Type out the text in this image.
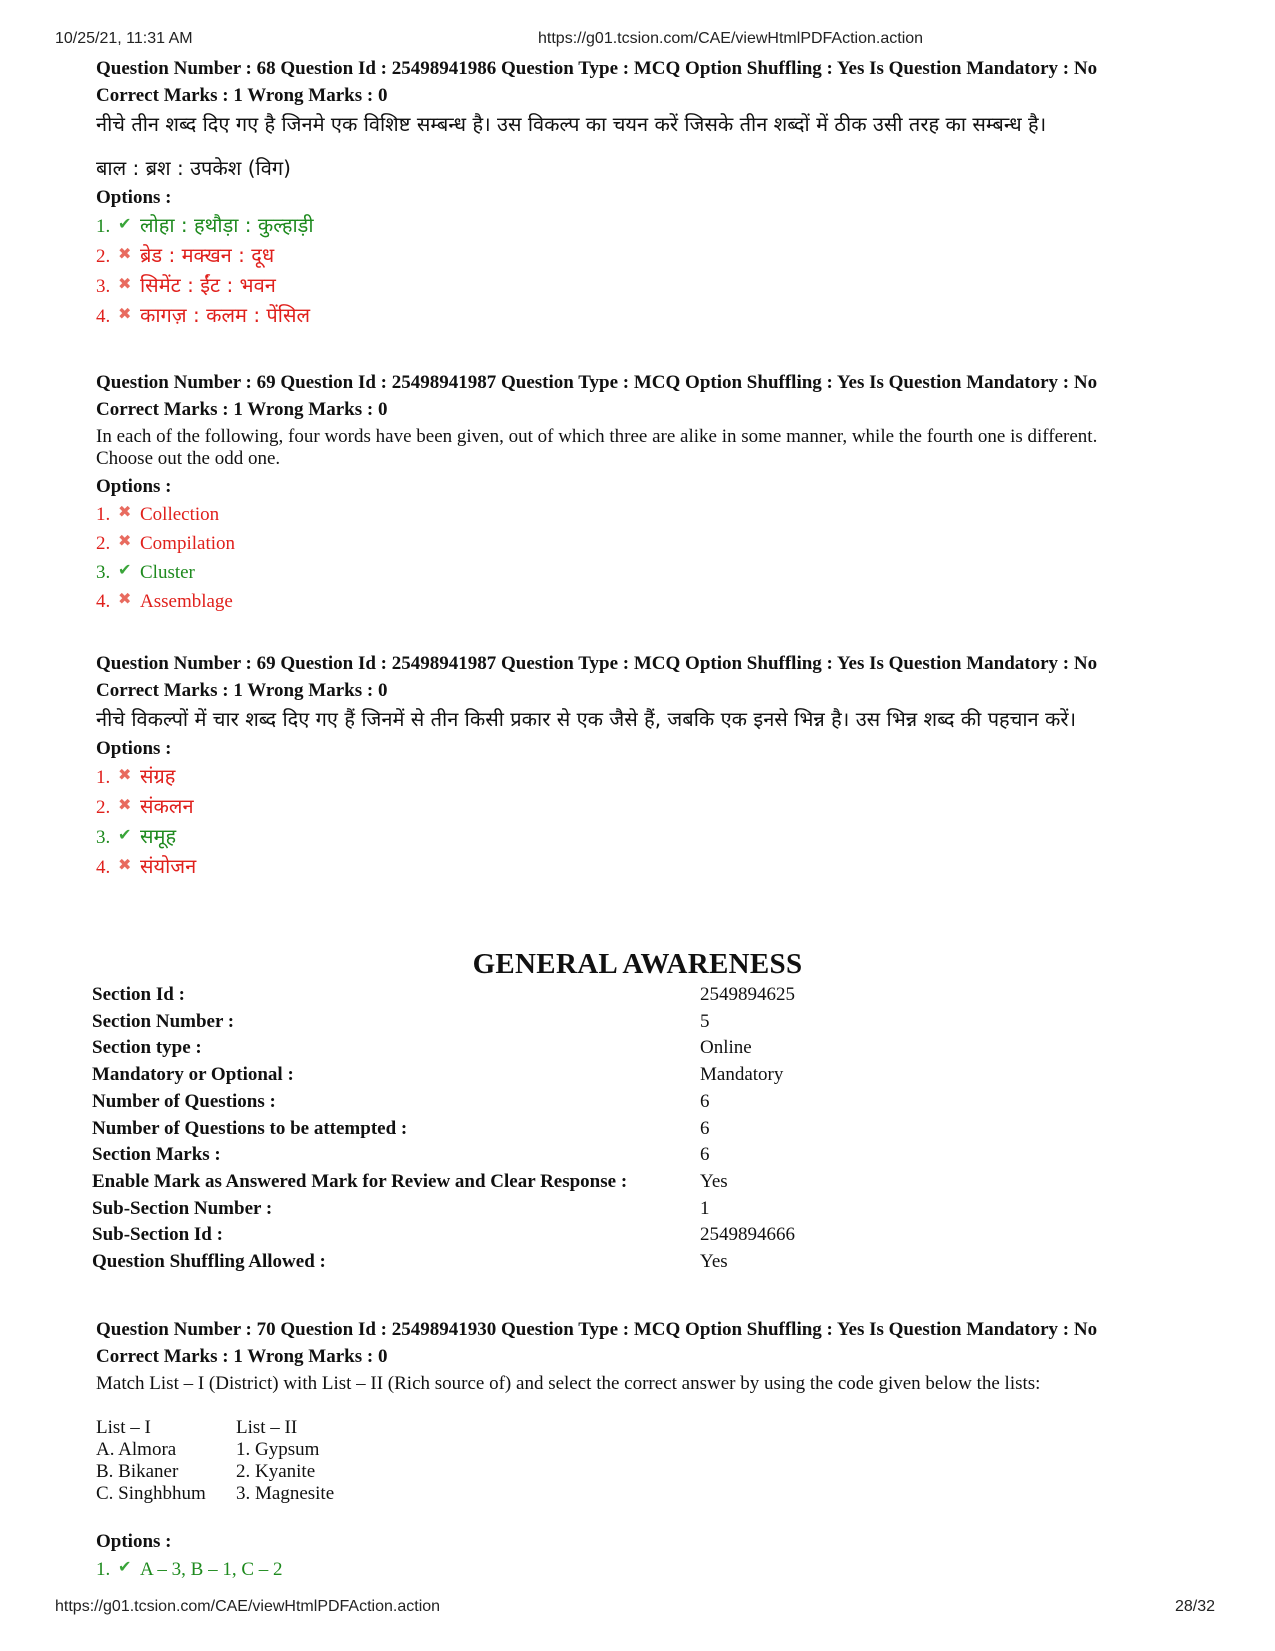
10/25/21, 11:31 AM	https://g01.tcsion.com/CAE/viewHtmlPDFAction.action
Question Number : 68 Question Id : 25498941986 Question Type : MCQ Option Shuffling : Yes Is Question Mandatory : No
Correct Marks : 1 Wrong Marks : 0
नीचे तीन शब्द दिए गए है जिनमे एक विशिष्ट सम्बन्ध है। उस विकल्प का चयन करें जिसके तीन शब्दों में ठीक उसी तरह का सम्बन्ध है।
बाल : ब्रश : उपकेश (विग)
Options :
1. ✔ लोहा : हथौड़ा : कुल्हाड़ी
2. ✖ ब्रेड : मक्खन : दूध
3. ✖ सिमेंट : ईंट : भवन
4. ✖ कागज़ : कलम : पेंसिल
Question Number : 69 Question Id : 25498941987 Question Type : MCQ Option Shuffling : Yes Is Question Mandatory : No
Correct Marks : 1 Wrong Marks : 0
In each of the following, four words have been given, out of which three are alike in some manner, while the fourth one is different.
Choose out the odd one.
Options :
1. ✖ Collection
2. ✖ Compilation
3. ✔ Cluster
4. ✖ Assemblage
Question Number : 69 Question Id : 25498941987 Question Type : MCQ Option Shuffling : Yes Is Question Mandatory : No
Correct Marks : 1 Wrong Marks : 0
नीचे विकल्पों में चार शब्द दिए गए हैं जिनमें से तीन किसी प्रकार से एक जैसे हैं, जबकि एक इनसे भिन्न है। उस भिन्न शब्द की पहचान करें।
Options :
1. ✖ संग्रह
2. ✖ संकलन
3. ✔ समूह
4. ✖ संयोजन
GENERAL AWARENESS
Section Id :	2549894625
Section Number :	5
Section type :	Online
Mandatory or Optional :	Mandatory
Number of Questions :	6
Number of Questions to be attempted :	6
Section Marks :	6
Enable Mark as Answered Mark for Review and Clear Response :	Yes
Sub-Section Number :	1
Sub-Section Id :	2549894666
Question Shuffling Allowed :	Yes
Question Number : 70 Question Id : 25498941930 Question Type : MCQ Option Shuffling : Yes Is Question Mandatory : No
Correct Marks : 1 Wrong Marks : 0
Match List – I (District) with List – II (Rich source of) and select the correct answer by using the code given below the lists:
List – I	List – II
A. Almora	1. Gypsum
B. Bikaner	2. Kyanite
C. Singhbhum	3. Magnesite
Options :
1. ✔ A – 3, B – 1, C – 2
https://g01.tcsion.com/CAE/viewHtmlPDFAction.action	28/32
